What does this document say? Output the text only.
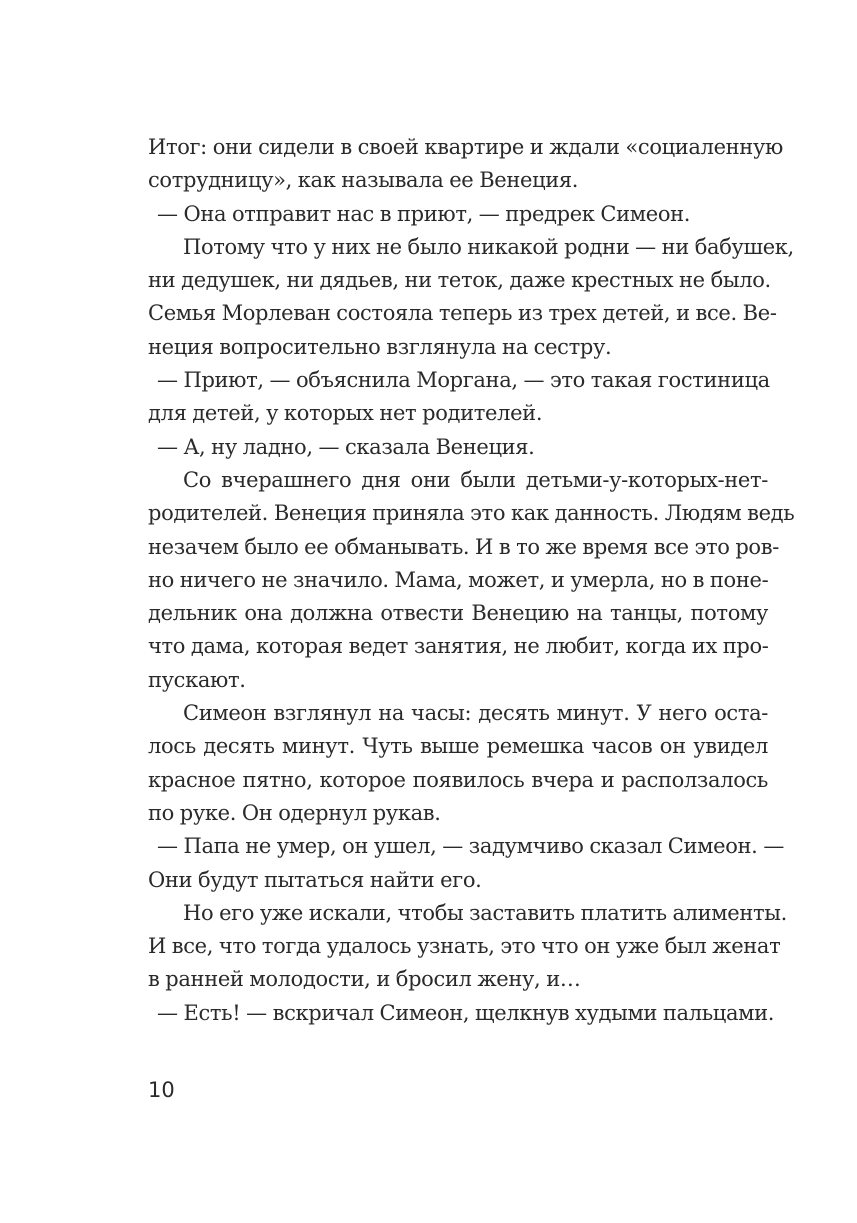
Итог: они сидели в своей квартире и ждали «социаленную
сотрудницу», как называла ее Венеция.
— Она отправит нас в приют, — предрек Симеон.
Потому что у них не было никакой родни — ни бабушек,
ни дедушек, ни дядьев, ни теток, даже крестных не было.
Семья Морлеван состояла теперь из трех детей, и все. Ве-
неция вопросительно взглянула на сестру.
— Приют, — объяснила Моргана, — это такая гостиница
для детей, у которых нет родителей.
— А, ну ладно, — сказала Венеция.
Со вчерашнего дня они были детьми-у-которых-нет-
родителей. Венеция приняла это как данность. Людям ведь
незачем было ее обманывать. И в то же время все это ров-
но ничего не значило. Мама, может, и умерла, но в поне-
дельник она должна отвести Венецию на танцы, потому
что дама, которая ведет занятия, не любит, когда их про-
пускают.
Симеон взглянул на часы: десять минут. У него оста-
лось десять минут. Чуть выше ремешка часов он увидел
красное пятно, которое появилось вчера и расползалось
по руке. Он одернул рукав.
— Папа не умер, он ушел, — задумчиво сказал Симеон. —
Они будут пытаться найти его.
Но его уже искали, чтобы заставить платить алименты.
И все, что тогда удалось узнать, это что он уже был женат
в ранней молодости, и бросил жену, и…
— Есть! — вскричал Симеон, щелкнув худыми пальцами.
10
